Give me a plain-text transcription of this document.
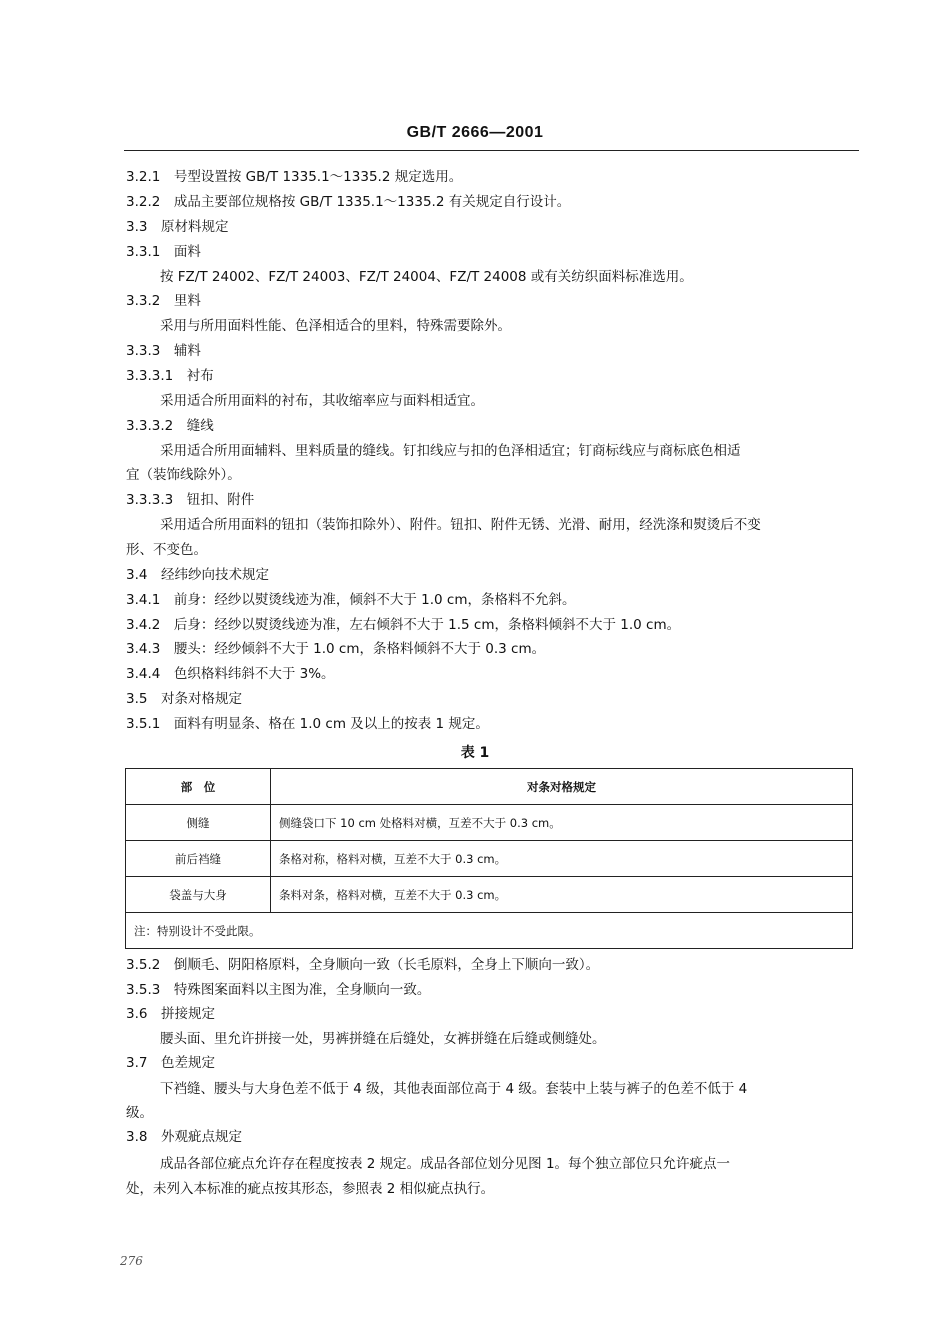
GB/T 2666—2001
3.2.1　号型设置按 GB/T 1335.1～1335.2 规定选用。
3.2.2　成品主要部位规格按 GB/T 1335.1～1335.2 有关规定自行设计。
3.3　原材料规定
3.3.1　面料
按 FZ/T 24002、FZ/T 24003、FZ/T 24004、FZ/T 24008 或有关纺织面料标准选用。
3.3.2　里料
采用与所用面料性能、色泽相适合的里料，特殊需要除外。
3.3.3　辅料
3.3.3.1　衬布
采用适合所用面料的衬布，其收缩率应与面料相适宜。
3.3.3.2　缝线
采用适合所用面辅料、里料质量的缝线。钉扣线应与扣的色泽相适宜；钉商标线应与商标底色相适
宜（装饰线除外）。
3.3.3.3　钮扣、附件
采用适合所用面料的钮扣（装饰扣除外）、附件。钮扣、附件无锈、光滑、耐用，经洗涤和熨烫后不变
形、不变色。
3.4　经纬纱向技术规定
3.4.1　前身：经纱以熨烫线迹为准，倾斜不大于 1.0 cm，条格料不允斜。
3.4.2　后身：经纱以熨烫线迹为准，左右倾斜不大于 1.5 cm，条格料倾斜不大于 1.0 cm。
3.4.3　腰头：经纱倾斜不大于 1.0 cm，条格料倾斜不大于 0.3 cm。
3.4.4　色织格料纬斜不大于 3%。
3.5　对条对格规定
3.5.1　面料有明显条、格在 1.0 cm 及以上的按表 1 规定。
表 1
部　位	对条对格规定
侧缝	侧缝袋口下 10 cm 处格料对横，互差不大于 0.3 cm。
前后裆缝	条格对称，格料对横，互差不大于 0.3 cm。
袋盖与大身	条料对条，格料对横，互差不大于 0.3 cm。
注：特别设计不受此限。	
3.5.2　倒顺毛、阴阳格原料，全身顺向一致（长毛原料，全身上下顺向一致）。
3.5.3　特殊图案面料以主图为准，全身顺向一致。
3.6　拼接规定
腰头面、里允许拼接一处，男裤拼缝在后缝处，女裤拼缝在后缝或侧缝处。
3.7　色差规定
下裆缝、腰头与大身色差不低于 4 级，其他表面部位高于 4 级。套装中上装与裤子的色差不低于 4
级。
3.8　外观疵点规定
成品各部位疵点允许存在程度按表 2 规定。成品各部位划分见图 1。每个独立部位只允许疵点一
处，未列入本标准的疵点按其形态，参照表 2 相似疵点执行。
276
